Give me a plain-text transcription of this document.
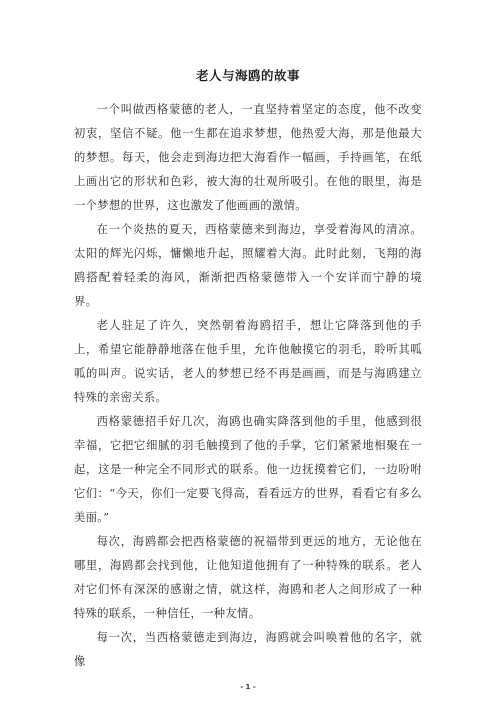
老人与海鸥的故事

一个叫做西格蒙德的老人，一直坚持着坚定的态度，他不改变初衷，坚信不疑。他一生都在追求梦想，他热爱大海，那是他最大的梦想。每天，他会走到海边把大海看作一幅画，手持画笔，在纸上画出它的形状和色彩，被大海的壮观所吸引。在他的眼里，海是一个梦想的世界，这也激发了他画画的激情。

在一个炎热的夏天，西格蒙德来到海边，享受着海风的清凉。太阳的辉光闪烁，慵懒地升起，照耀着大海。此时此刻，飞翔的海鸥搭配着轻柔的海风，渐渐把西格蒙德带入一个安详而宁静的境界。

老人驻足了许久，突然朝着海鸥招手，想让它降落到他的手上，希望它能静静地落在他手里，允许他触摸它的羽毛，聆听其呱呱的叫声。说实话，老人的梦想已经不再是画画，而是与海鸥建立特殊的亲密关系。

西格蒙德招手好几次，海鸥也确实降落到他的手里，他感到很幸福，它把它细腻的羽毛触摸到了他的手掌，它们紧紧地相聚在一起，这是一种完全不同形式的联系。他一边抚摸着它们，一边吩咐它们：“今天，你们一定要飞得高，看看远方的世界，看看它有多么美丽。”

每次，海鸥都会把西格蒙德的祝福带到更远的地方，无论他在哪里，海鸥都会找到他，让他知道他拥有了一种特殊的联系。老人对它们怀有深深的感谢之情，就这样，海鸥和老人之间形成了一种特殊的联系，一种信任，一种友情。

每一次，当西格蒙德走到海边，海鸥就会叫唤着他的名字，就像

- 1 -
